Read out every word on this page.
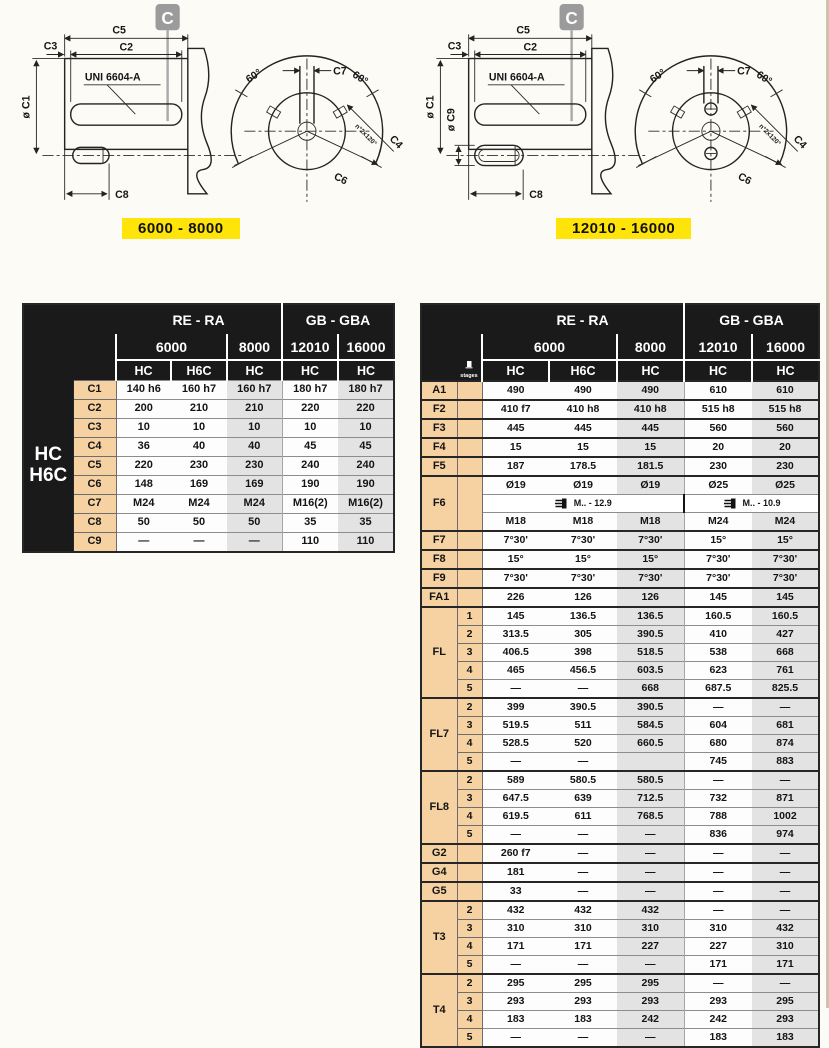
C
UNI 6604-A
C5
C2
C3
ø C1
C8
C7
60°	60°
n°2x120° C4
C6
6000 - 8000
C
UNI 6604-A
C5
C2
C3
ø C1
ø C9
C8
C7
60°	60°
n°2x120° C4
C6
12010 - 16000
		RE - RA			GB - GBA	
		6000		8000	12010	16000
		HC	H6C	HC	HC	HC

HC
H6C	C1	140 h6	160 h7	160 h7	180 h7	180 h7
	C2	200	210	210	220	220
	C3	10	10	10	10	10
	C4	36	40	40	45	45
	C5	220	230	230	240	240
	C6	148	169	169	190	190
	C7	M24	M24	M24	M16(2)	M16(2)
	C8	50	50	50	35	35
	C9	—	—	—	110	110

	stages	RE - RA			GB - GBA	
		6000		8000	12010	16000
		HC	H6C	HC	HC	HC
A1		490	490	490	610	610
F2		410 f7	410 h8	410 h8	515 h8	515 h8
F3		445	445	445	560	560
F4		15	15	15	20	20
F5		187	178.5	181.5	230	230
F6		Ø19	Ø19	Ø19	Ø25	Ø25
		M.. - 12.9			M.. - 10.9	
		M18	M18	M18	M24	M24
F7		7°30'	7°30'	7°30'	15°	15°
F8		15°	15°	15°	7°30'	7°30'
F9		7°30'	7°30'	7°30'	7°30'	7°30'
FA1		226	126	126	145	145
FL	1	145	136.5	136.5	160.5	160.5
	2	313.5	305	390.5	410	427
	3	406.5	398	518.5	538	668
	4	465	456.5	603.5	623	761
	5	—	—	668	687.5	825.5
FL7	2	399	390.5	390.5	—	—
	3	519.5	511	584.5	604	681
	4	528.5	520	660.5	680	874
	5	—	—		745	883
FL8	2	589	580.5	580.5	—	—
	3	647.5	639	712.5	732	871
	4	619.5	611	768.5	788	1002
	5	—	—	—	836	974
G2		260 f7	—	—	—	—
G4		181	—	—	—	—
G5		33	—	—	—	—
T3	2	432	432	432	—	—
	3	310	310	310	310	432
	4	171	171	227	227	310
	5	—	—	—	171	171
T4	2	295	295	295	—	—
	3	293	293	293	293	295
	4	183	183	242	242	293
	5	—	—	—	183	183
